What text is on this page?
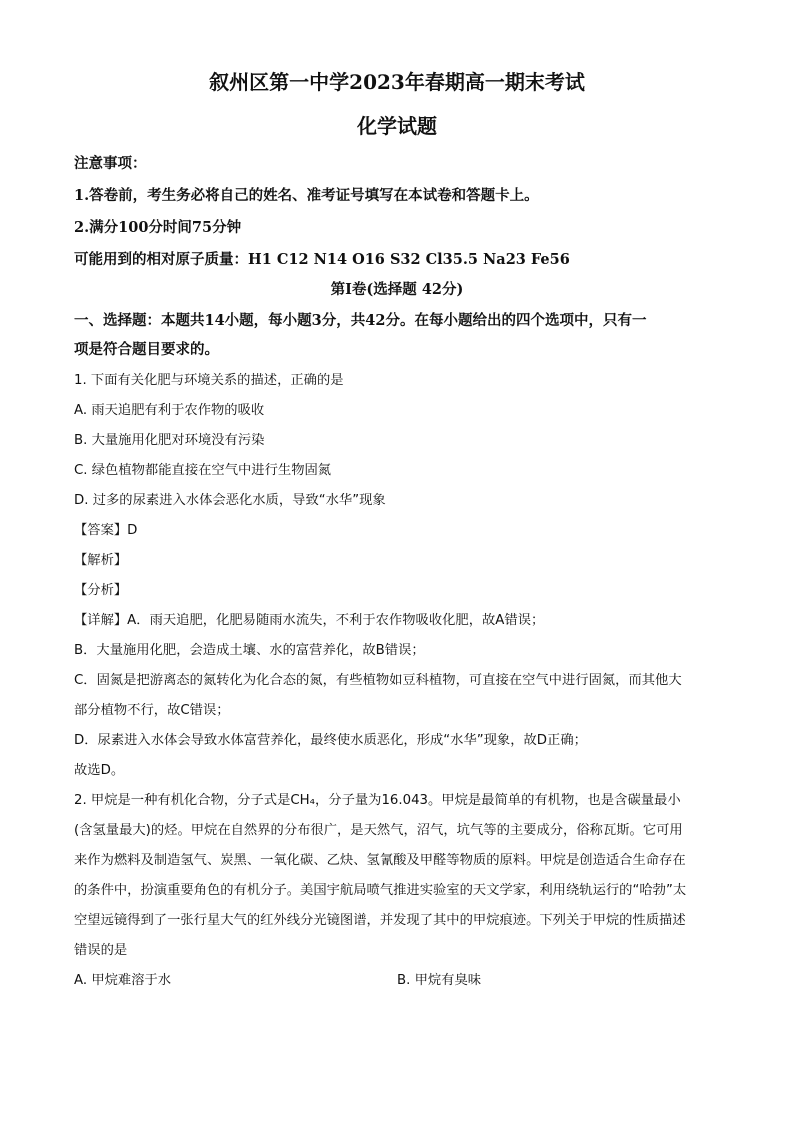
叙州区第一中学2023年春期高一期末考试

化学试题

注意事项：

1.答卷前，考生务必将自己的姓名、准考证号填写在本试卷和答题卡上。

2.满分100分时间75分钟

可能用到的相对原子质量：H1 C12 N14 O16 S32 Cl35.5 Na23 Fe56

第I卷(选择题 42分)

一、选择题：本题共14小题，每小题3分，共42分。在每小题给出的四个选项中，只有一

项是符合题目要求的。

1. 下面有关化肥与环境关系的描述，正确的是

A. 雨天追肥有利于农作物的吸收

B. 大量施用化肥对环境没有污染

C. 绿色植物都能直接在空气中进行生物固氮

D. 过多的尿素进入水体会恶化水质，导致“水华”现象

【答案】D

【解析】

【分析】

【详解】A．雨天追肥，化肥易随雨水流失，不利于农作物吸收化肥，故A错误；

B．大量施用化肥，会造成土壤、水的富营养化，故B错误；

C．固氮是把游离态的氮转化为化合态的氮，有些植物如豆科植物，可直接在空气中进行固氮，而其他大

部分植物不行，故C错误；

D．尿素进入水体会导致水体富营养化，最终使水质恶化，形成“水华”现象，故D正确；

故选D。

2. 甲烷是一种有机化合物，分子式是CH₄，分子量为16.043。甲烷是最简单的有机物，也是含碳量最小

(含氢量最大)的烃。甲烷在自然界的分布很广，是天然气，沼气，坑气等的主要成分，俗称瓦斯。它可用

来作为燃料及制造氢气、炭黑、一氧化碳、乙炔、氢氰酸及甲醛等物质的原料。甲烷是创造适合生命存在

的条件中，扮演重要角色的有机分子。美国宇航局喷气推进实验室的天文学家，利用绕轨运行的“哈勃”太

空望远镜得到了一张行星大气的红外线分光镜图谱，并发现了其中的甲烷痕迹。下列关于甲烷的性质描述

错误的是

A. 甲烷难溶于水	B. 甲烷有臭味
